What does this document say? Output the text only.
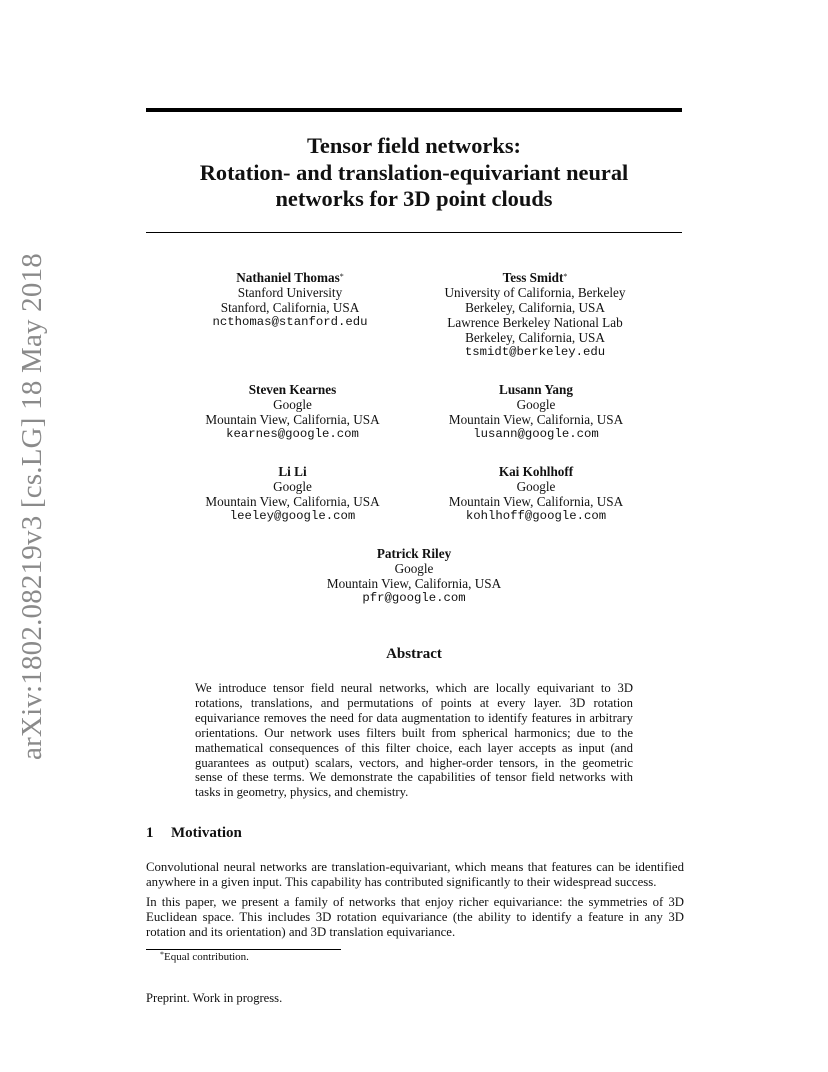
arXiv:1802.08219v3 [cs.LG] 18 May 2018
Tensor field networks:
Rotation- and translation-equivariant neural
networks for 3D point clouds
Nathaniel Thomas*
Stanford University
Stanford, California, USA
ncthomas@stanford.edu
Tess Smidt*
University of California, Berkeley
Berkeley, California, USA
Lawrence Berkeley National Lab
Berkeley, California, USA
tsmidt@berkeley.edu
Steven Kearnes
Google
Mountain View, California, USA
kearnes@google.com
Lusann Yang
Google
Mountain View, California, USA
lusann@google.com
Li Li
Google
Mountain View, California, USA
leeley@google.com
Kai Kohlhoff
Google
Mountain View, California, USA
kohlhoff@google.com
Patrick Riley
Google
Mountain View, California, USA
pfr@google.com
Abstract
We introduce tensor field neural networks, which are locally equivariant to 3D rotations, translations, and permutations of points at every layer. 3D rotation equivariance removes the need for data augmentation to identify features in arbitrary orientations. Our network uses filters built from spherical harmonics; due to the mathematical consequences of this filter choice, each layer accepts as input (and guarantees as output) scalars, vectors, and higher-order tensors, in the geometric sense of these terms. We demonstrate the capabilities of tensor field networks with tasks in geometry, physics, and chemistry.
1 Motivation
Convolutional neural networks are translation-equivariant, which means that features can be identified anywhere in a given input. This capability has contributed significantly to their widespread success.
In this paper, we present a family of networks that enjoy richer equivariance: the symmetries of 3D Euclidean space. This includes 3D rotation equivariance (the ability to identify a feature in any 3D rotation and its orientation) and 3D translation equivariance.
*Equal contribution.
Preprint. Work in progress.
